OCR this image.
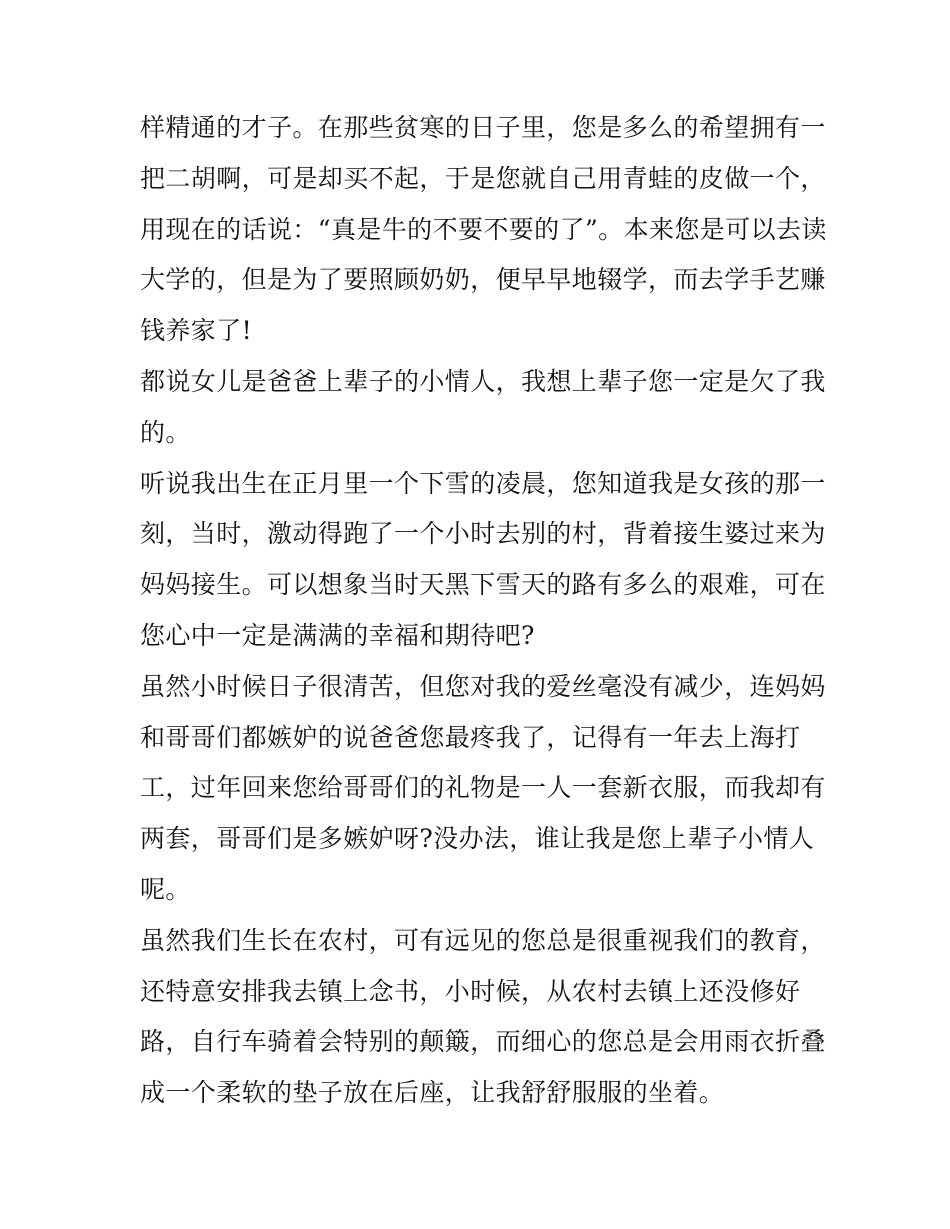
样精通的才子。在那些贫寒的日子里，您是多么的希望拥有一
把二胡啊，可是却买不起，于是您就自己用青蛙的皮做一个，
用现在的话说：“真是牛的不要不要的了”。本来您是可以去读
大学的，但是为了要照顾奶奶，便早早地辍学，而去学手艺赚
钱养家了!
都说女儿是爸爸上辈子的小情人，我想上辈子您一定是欠了我
的。
听说我出生在正月里一个下雪的凌晨，您知道我是女孩的那一
刻，当时，激动得跑了一个小时去别的村，背着接生婆过来为
妈妈接生。可以想象当时天黑下雪天的路有多么的艰难，可在
您心中一定是满满的幸福和期待吧?
虽然小时候日子很清苦，但您对我的爱丝毫没有减少，连妈妈
和哥哥们都嫉妒的说爸爸您最疼我了，记得有一年去上海打
工，过年回来您给哥哥们的礼物是一人一套新衣服，而我却有
两套，哥哥们是多嫉妒呀?没办法，谁让我是您上辈子小情人
呢。
虽然我们生长在农村，可有远见的您总是很重视我们的教育，
还特意安排我去镇上念书，小时候，从农村去镇上还没修好
路，自行车骑着会特别的颠簸，而细心的您总是会用雨衣折叠
成一个柔软的垫子放在后座，让我舒舒服服的坐着。
